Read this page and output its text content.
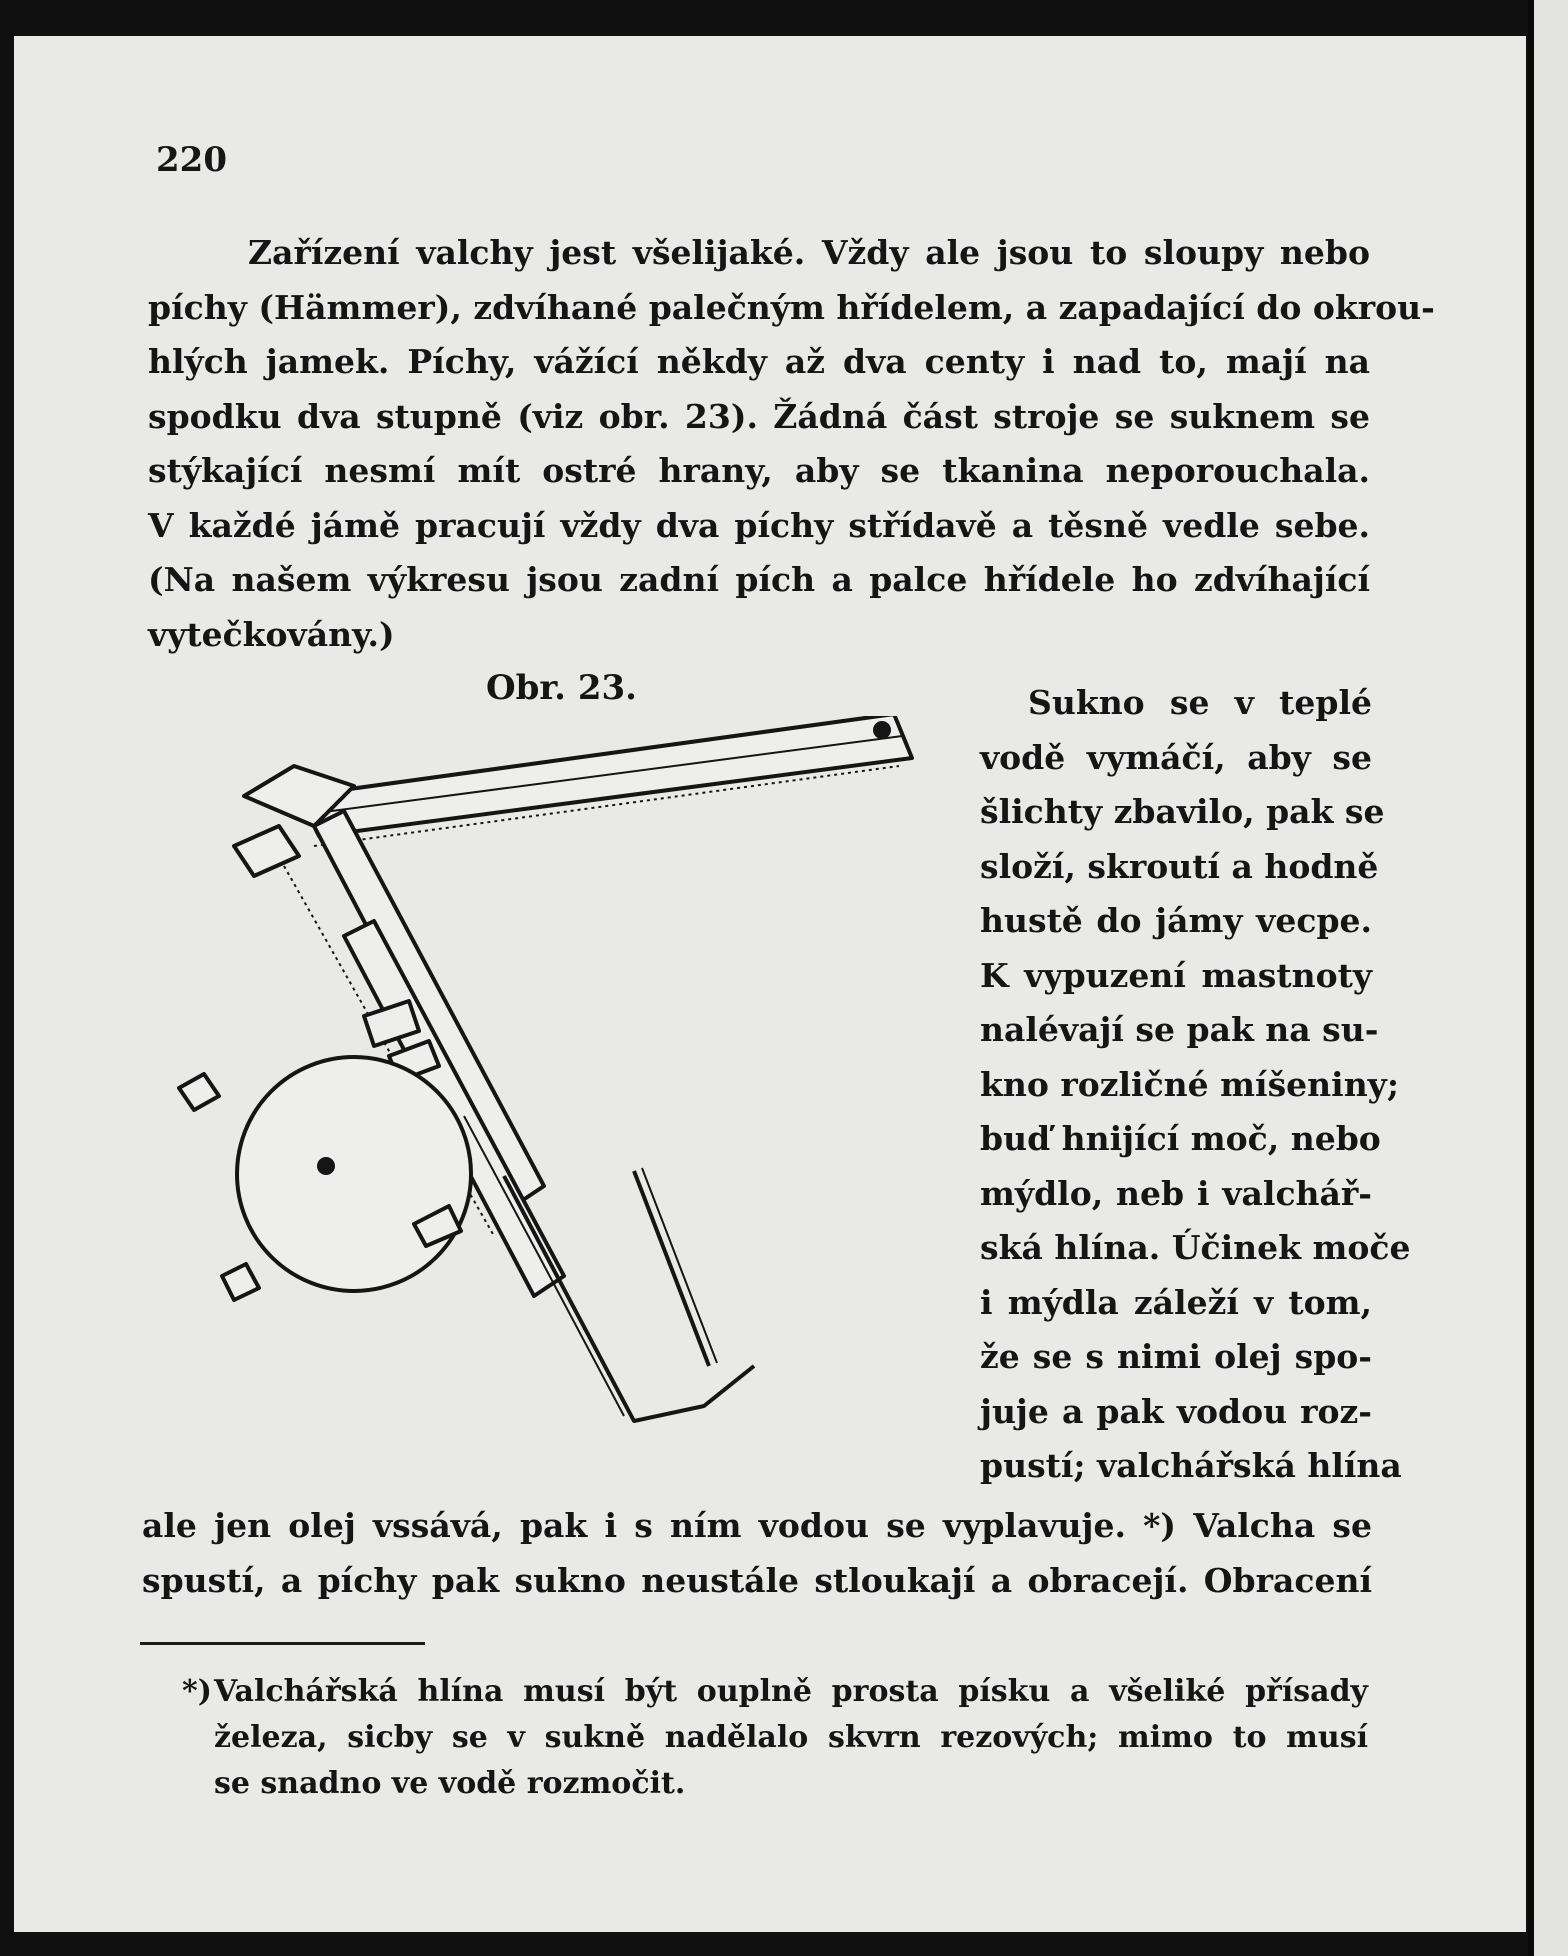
220

Zařízení valchy jest všelijaké. Vždy ale jsou to sloupy nebo

píchy (Hämmer), zdvíhané palečným hřídelem, a zapadající do okrou-

hlých jamek. Píchy, vážící někdy až dva centy i nad to, mají na

spodku dva stupně (viz obr. 23). Žádná část stroje se suknem se

stýkající nesmí mít ostré hrany, aby se tkanina neporouchala.

V každé jámě pracují vždy dva píchy střídavě a těsně vedle sebe.

(Na našem výkresu jsou zadní pích a palce hřídele ho zdvíhající

vytečkovány.)

Obr. 23.	Sukno se v teplé

vodě vymáčí, aby se

šlichty zbavilo, pak se

složí, skroutí a hodně

hustě do jámy vecpe.

K vypuzení mastnoty

nalévají se pak na su-

kno rozličné míšeniny;

buď hnijící moč, nebo

mýdlo, neb i valchář-

ská hlína. Účinek moče

i mýdla záleží v tom,

že se s nimi olej spo-

juje a pak vodou roz-

pustí; valchářská hlína

ale jen olej vssává, pak i s ním vodou se vyplavuje. *) Valcha se

spustí, a píchy pak sukno neustále stloukají a obracejí. Obracení

*) Valchářská hlína musí být ouplně prosta písku a všeliké přísady

železa, sicby se v sukně nadělalo skvrn rezových; mimo to musí

se snadno ve vodě rozmočit.
